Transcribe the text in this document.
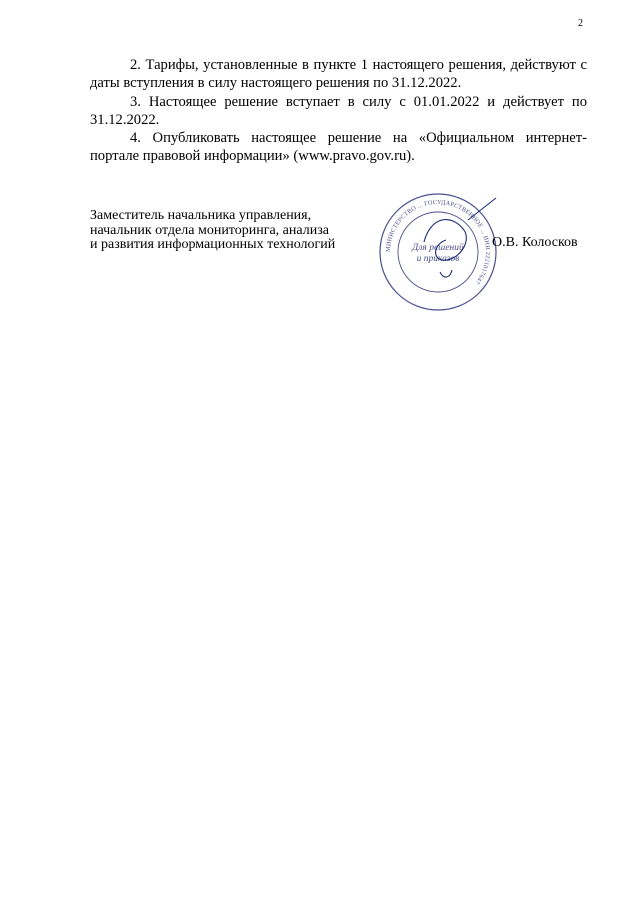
2

2. Тарифы, установленные в пункте 1 настоящего решения, действуют с даты вступления в силу настоящего решения по 31.12.2022.

3. Настоящее решение вступает в силу с 01.01.2022 и действует по 31.12.2022.

4. Опубликовать настоящее решение на «Официальном интернет-портале правовой информации» (www.pravo.gov.ru).

Заместитель начальника управления,
начальник отдела мониторинга, анализа
и развития информационных технологий	МИНИСТЕРСТВО ... ГОСУДАРСТВЕННОЕ ... ИНН 2221017647
Для решений
и приказов
О.В. Колосков
